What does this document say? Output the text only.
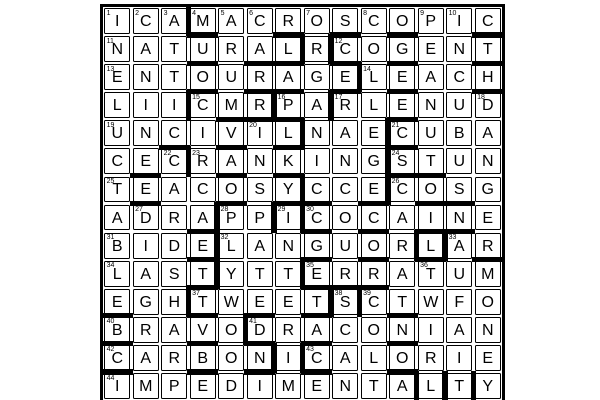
1 I 2 C 3 A 4 M 5 A 6 C R 7 O S 8 C O 9 P 10 I C
11
N A T U R A L R 12
C O G E N T
13
E N T O U R A G E 14
L E A C H
L I I 15
C M R 16
P A 17
R L E N U 18
D
19
U N C I V 20 I L N A E 21
C U B A
C E 22
C 23
R A N K I N G 24
S T U N
25
T E A C O S Y C C E 26
C O S G
A 27
D R A 28
P P 29 I 30
C O C A I N E
31
B I D E 32
L A N G U O R L 33
A R
34
L A S T Y T T 35
E R R A 36
T U M
E G H 37
T W E E T 38
S 39
C T W F O
40
B R A V O 41
D R A C O N I A N
42
C A R B O N I 43
C A L O R I E
44 I M P E D I M E N T A L T Y
